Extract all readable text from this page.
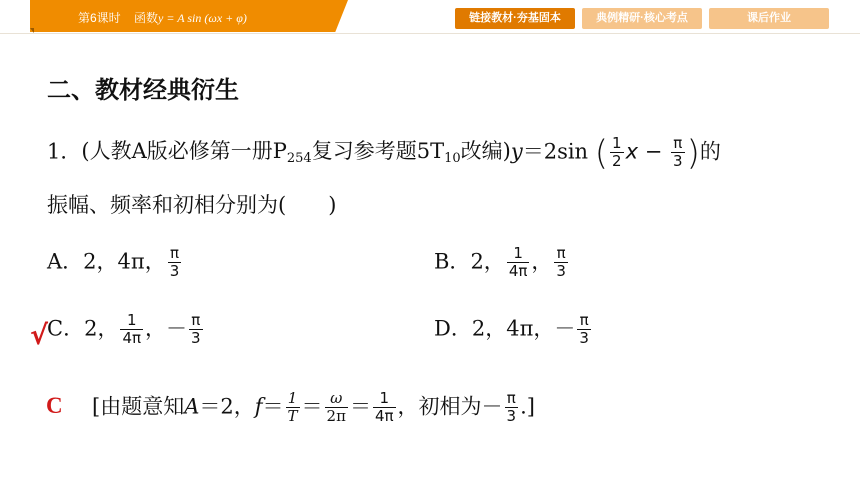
第6课时 函数y = A sin (ωx + φ)	链接教材·夯基固本	典例精研·核心考点	课后作业
二、教材经典衍生
1．(人教A版必修第一册$P_{254}$复习参考题$5T_{10}$改编)y＝2sin ( $\frac{1}{2}$ $x - \frac{\pi}{3}$ )的
振幅、频率和初相分别为(　　)
A．2，4π， $\frac{\pi}{3}$	B．2， $\frac{1}{4\pi}$ ， $\frac{\pi}{3}$
√
C．2， $\frac{1}{4\pi}$ ，－ $\frac{\pi}{3}$	D．2，4π，－ $\frac{\pi}{3}$
C [由题意知A＝2，$f= \frac{1}{T} = \frac{\omega}{2\pi} = \frac{1}{4\pi}$ ，初相为－ $\frac{\pi}{3}$ .]
